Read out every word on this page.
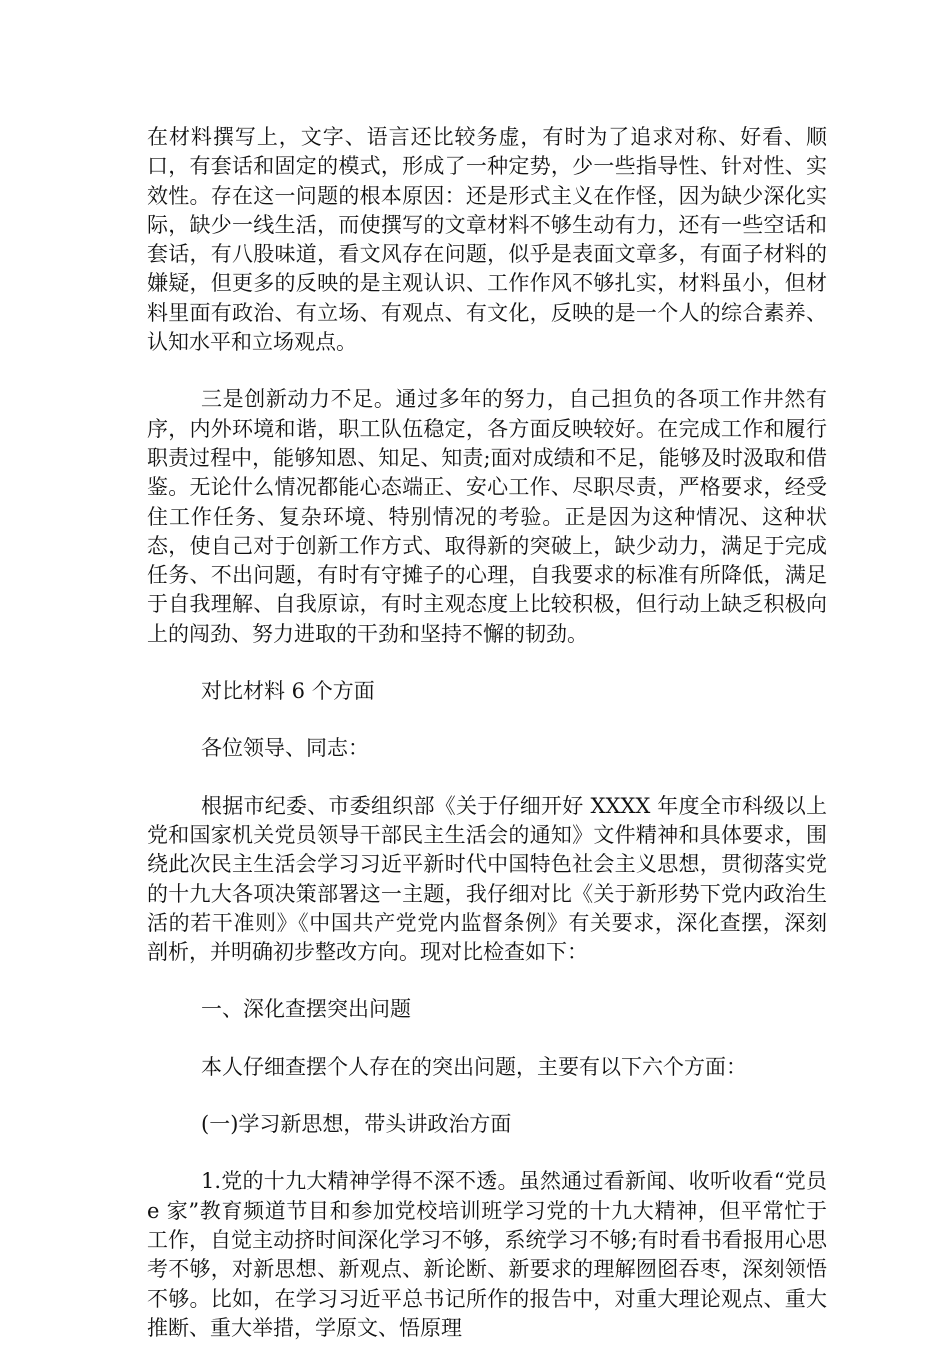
在材料撰写上，文字、语言还比较务虚，有时为了追求对称、好看、顺口，有套话和固定的模式，形成了一种定势，少一些指导性、针对性、实效性。存在这一问题的根本原因：还是形式主义在作怪，因为缺少深化实际，缺少一线生活，而使撰写的文章材料不够生动有力，还有一些空话和套话，有八股味道，看文风存在问题，似乎是表面文章多，有面子材料的嫌疑，但更多的反映的是主观认识、工作作风不够扎实，材料虽小，但材料里面有政治、有立场、有观点、有文化，反映的是一个人的综合素养、认知水平和立场观点。

三是创新动力不足。通过多年的努力，自己担负的各项工作井然有序，内外环境和谐，职工队伍稳定，各方面反映较好。在完成工作和履行职责过程中，能够知恩、知足、知责;面对成绩和不足，能够及时汲取和借鉴。无论什么情况都能心态端正、安心工作、尽职尽责，严格要求，经受住工作任务、复杂环境、特别情况的考验。正是因为这种情况、这种状态，使自己对于创新工作方式、取得新的突破上，缺少动力，满足于完成任务、不出问题，有时有守摊子的心理，自我要求的标准有所降低，满足于自我理解、自我原谅，有时主观态度上比较积极，但行动上缺乏积极向上的闯劲、努力进取的干劲和坚持不懈的韧劲。

对比材料 6 个方面

各位领导、同志：

根据市纪委、市委组织部《关于仔细开好 XXXX 年度全市科级以上党和国家机关党员领导干部民主生活会的通知》文件精神和具体要求，围绕此次民主生活会学习习近平新时代中国特色社会主义思想，贯彻落实党的十九大各项决策部署这一主题，我仔细对比《关于新形势下党内政治生活的若干准则》《中国共产党党内监督条例》有关要求，深化查摆，深刻剖析，并明确初步整改方向。现对比检查如下：

一、深化查摆突出问题

本人仔细查摆个人存在的突出问题，主要有以下六个方面：

(一)学习新思想，带头讲政治方面

1.党的十九大精神学得不深不透。虽然通过看新闻、收听收看“党员 e 家”教育频道节目和参加党校培训班学习党的十九大精神，但平常忙于工作，自觉主动挤时间深化学习不够，系统学习不够;有时看书看报用心思考不够，对新思想、新观点、新论断、新要求的理解囫囵吞枣，深刻领悟不够。比如，在学习习近平总书记所作的报告中，对重大理论观点、重大推断、重大举措，学原文、悟原理
